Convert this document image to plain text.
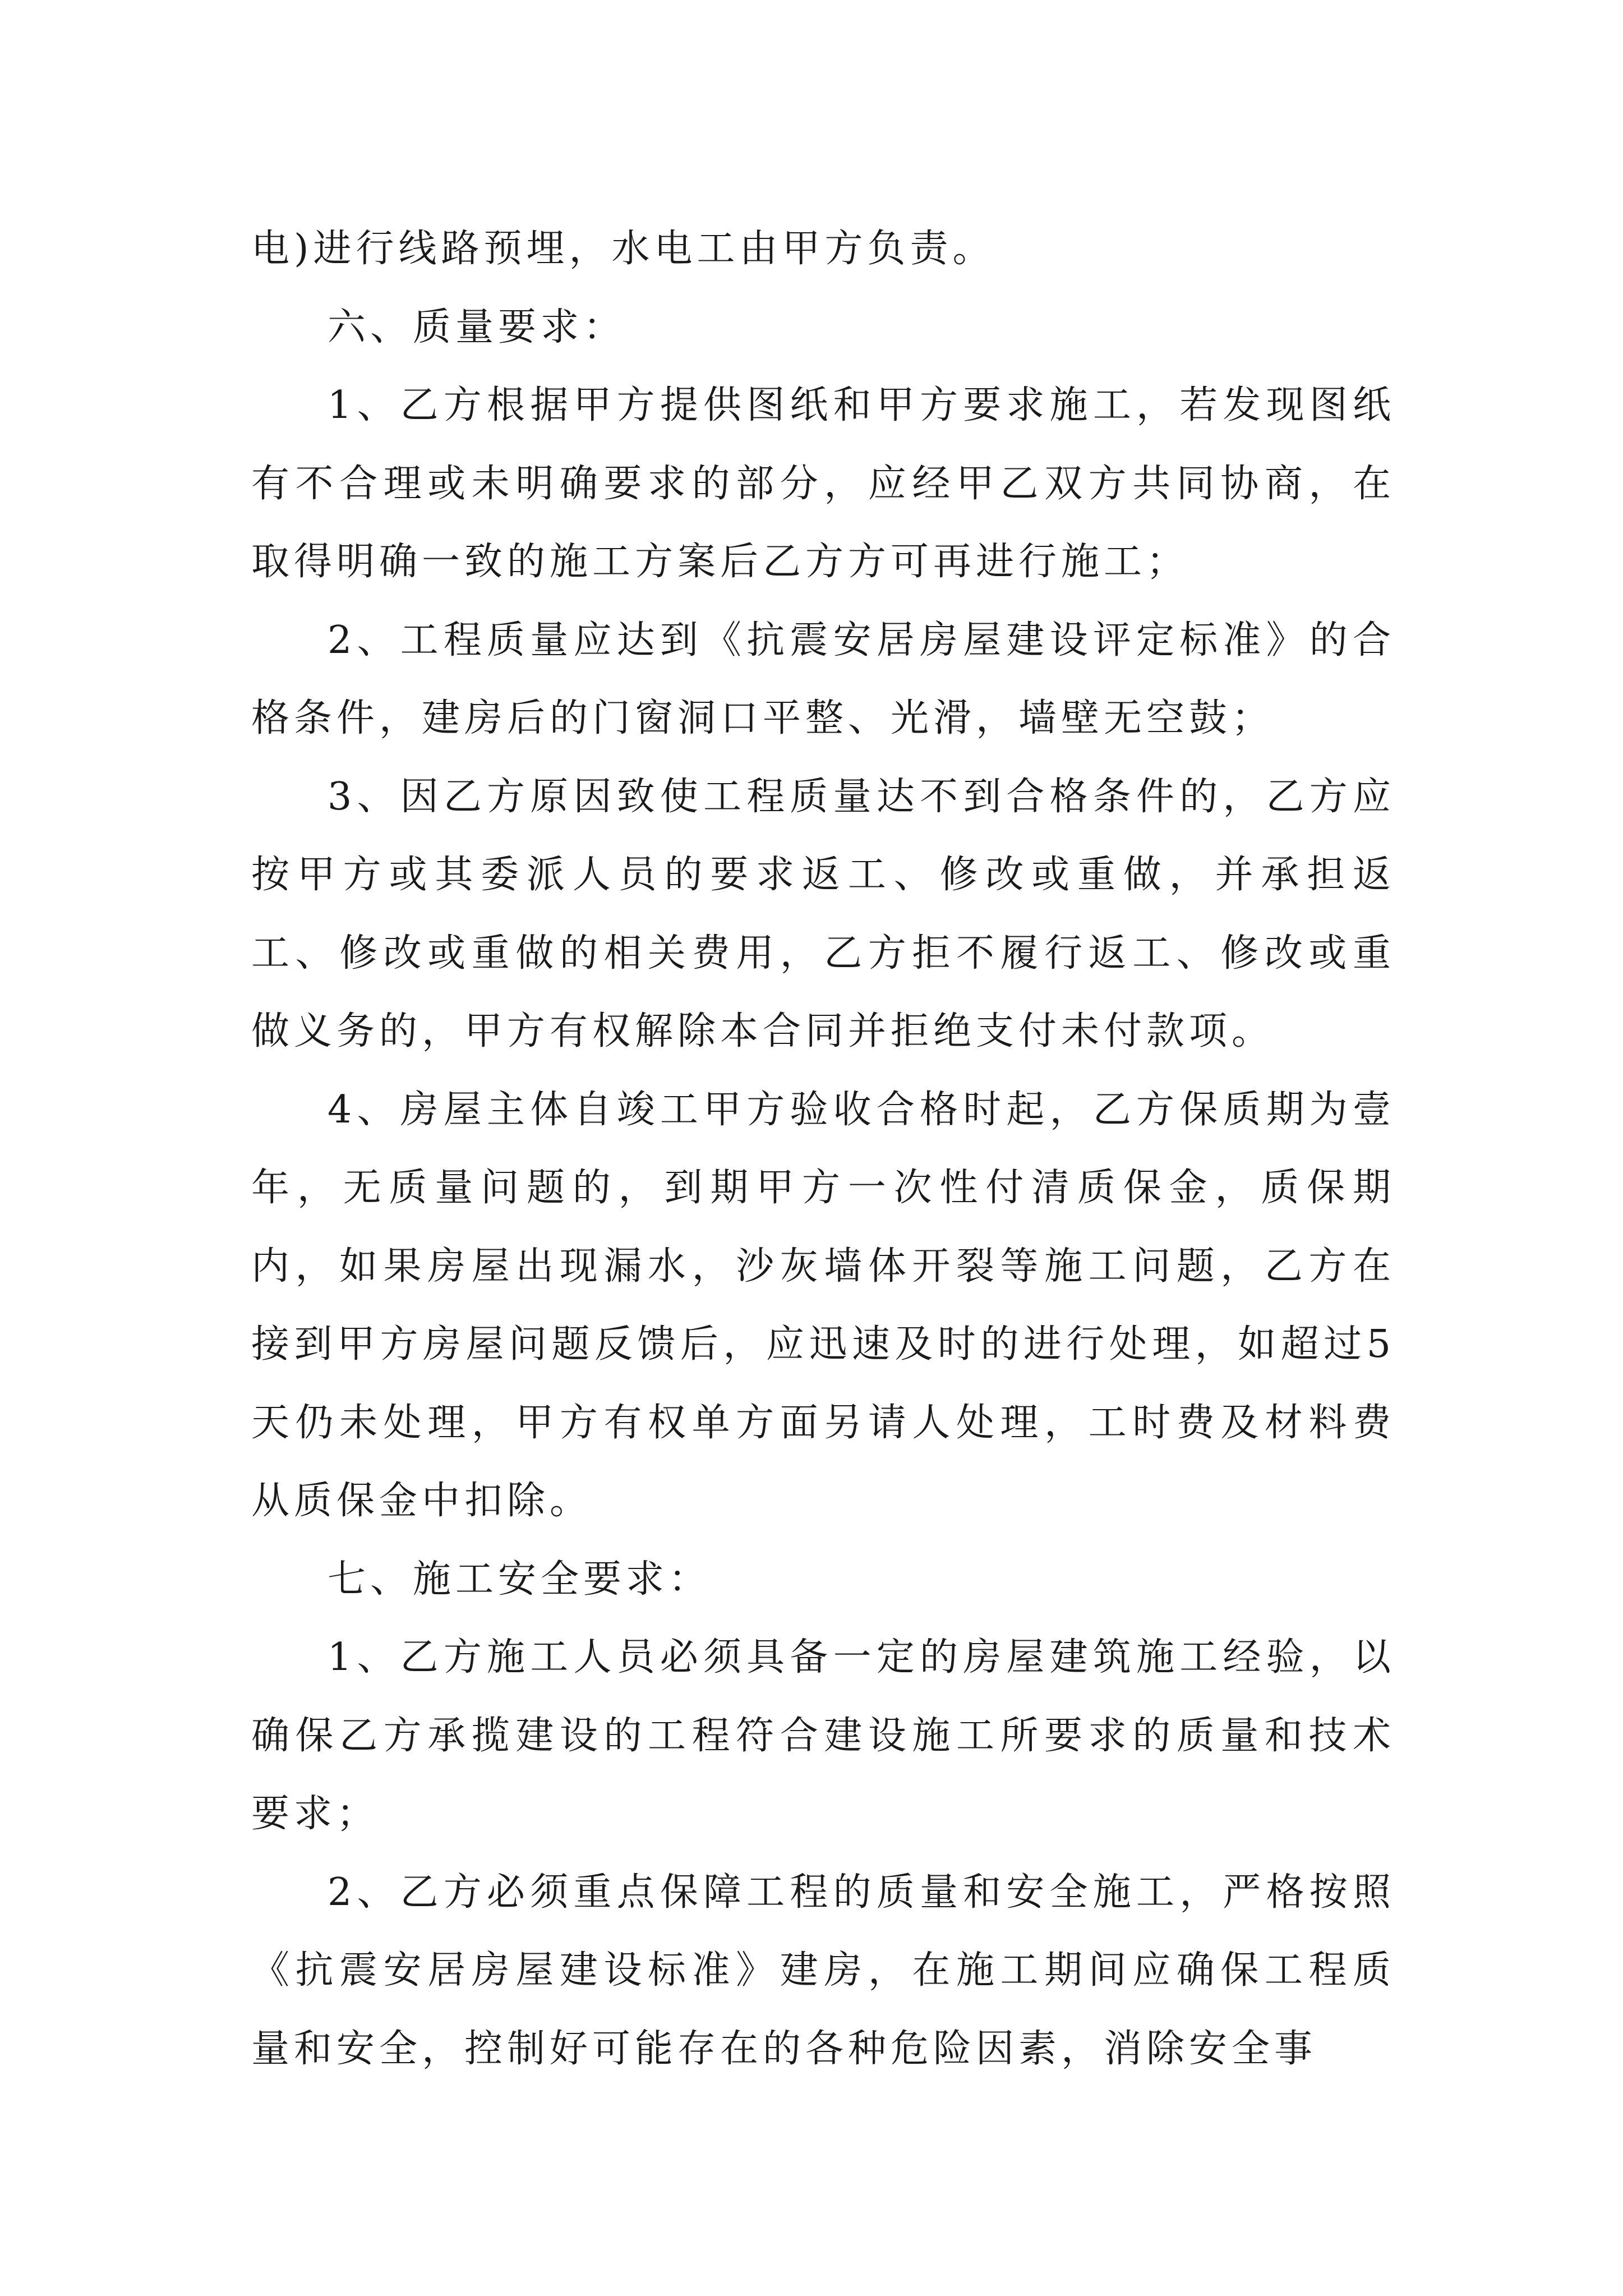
电)进行线路预埋，水电工由甲方负责。

六、质量要求：

1、乙方根据甲方提供图纸和甲方要求施工，若发现图纸有不合理或未明确要求的部分，应经甲乙双方共同协商，在取得明确一致的施工方案后乙方方可再进行施工；

2、工程质量应达到《抗震安居房屋建设评定标准》的合格条件，建房后的门窗洞口平整、光滑，墙壁无空鼓；

3、因乙方原因致使工程质量达不到合格条件的，乙方应按甲方或其委派人员的要求返工、修改或重做，并承担返工、修改或重做的相关费用，乙方拒不履行返工、修改或重做义务的，甲方有权解除本合同并拒绝支付未付款项。

4、房屋主体自竣工甲方验收合格时起，乙方保质期为壹年，无质量问题的，到期甲方一次性付清质保金，质保期内，如果房屋出现漏水，沙灰墙体开裂等施工问题，乙方在接到甲方房屋问题反馈后，应迅速及时的进行处理，如超过5天仍未处理，甲方有权单方面另请人处理，工时费及材料费从质保金中扣除。

七、施工安全要求：

1、乙方施工人员必须具备一定的房屋建筑施工经验，以确保乙方承揽建设的工程符合建设施工所要求的质量和技术要求；

2、乙方必须重点保障工程的质量和安全施工，严格按照《抗震安居房屋建设标准》建房，在施工期间应确保工程质量和安全，控制好可能存在的各种危险因素，消除安全事
